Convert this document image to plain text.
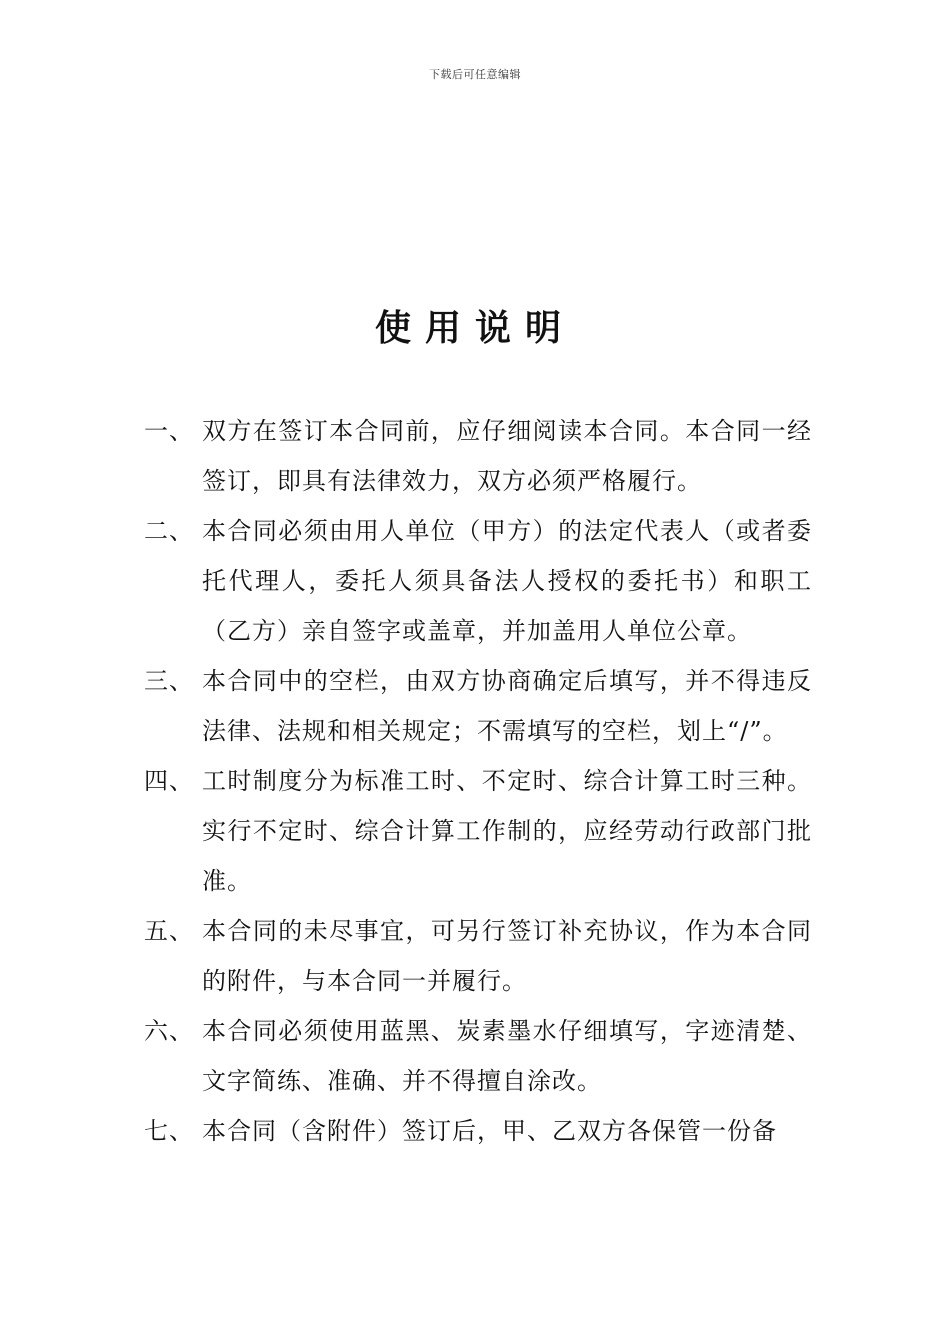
下载后可任意编辑
使用说明
一、 双方在签订本合同前，应仔细阅读本合同。本合同一经签订，即具有法律效力，双方必须严格履行。
二、 本合同必须由用人单位（甲方）的法定代表人（或者委托代理人，委托人须具备法人授权的委托书）和职工（乙方）亲自签字或盖章，并加盖用人单位公章。
三、 本合同中的空栏，由双方协商确定后填写，并不得违反法律、法规和相关规定；不需填写的空栏，划上“/”。
四、 工时制度分为标准工时、不定时、综合计算工时三种。实行不定时、综合计算工作制的，应经劳动行政部门批准。
五、 本合同的未尽事宜，可另行签订补充协议，作为本合同的附件，与本合同一并履行。
六、 本合同必须使用蓝黑、炭素墨水仔细填写，字迹清楚、文字简练、准确、并不得擅自涂改。
七、 本合同（含附件）签订后，甲、乙双方各保管一份备
